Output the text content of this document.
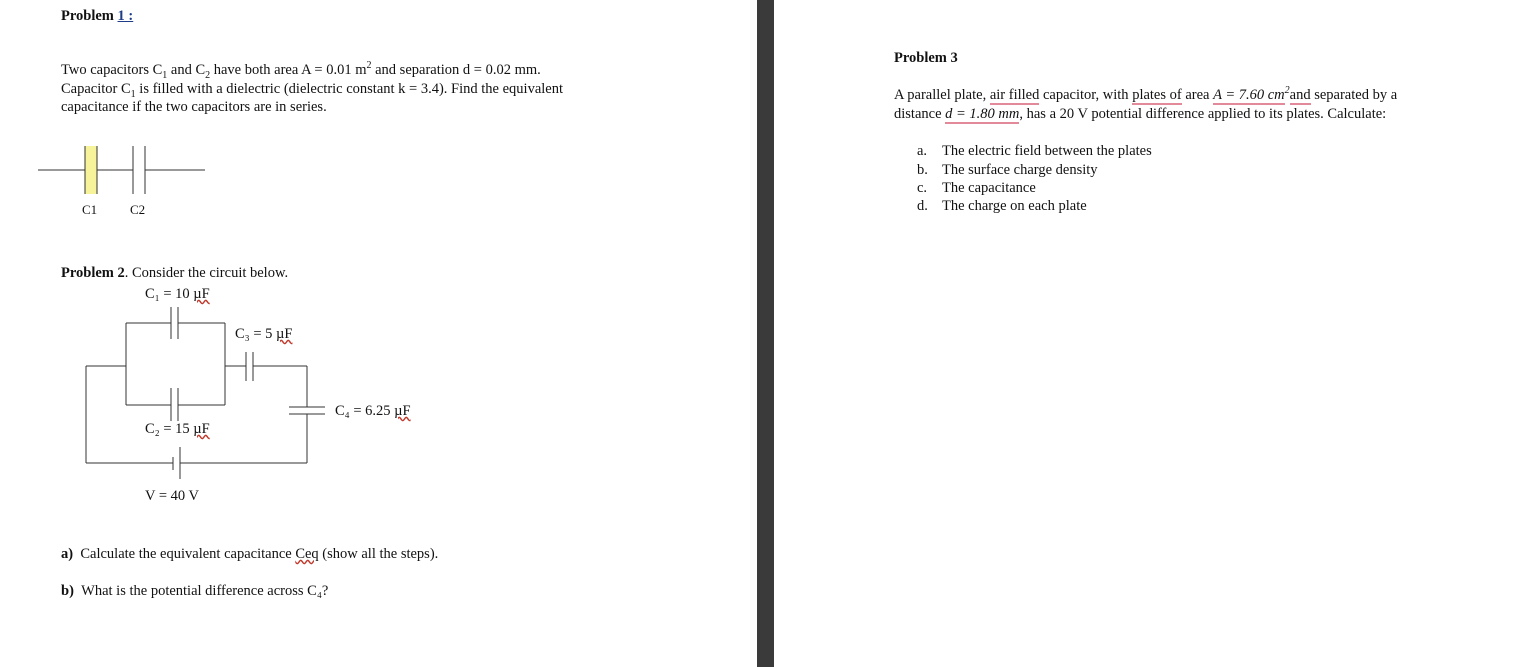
Problem 1 :
Two capacitors $C_1$ and $C_2$ have both area A = 0.01 $m^2$ and separation d = 0.02 mm.
Capacitor $C_1$ is filled with a dielectric (dielectric constant k = 3.4). Find the equivalent
capacitance if the two capacitors are in series.
C1	C2
Problem 2. Consider the circuit below.
C₁ = 10 µF
C₃ = 5 µF
C₄ = 6.25 µF
C₂ = 15 µF
V = 40 V
a) Calculate the equivalent capacitance Ceq (show all the steps).
b) What is the potential difference across C₄?
Problem 3
A parallel plate, air filled capacitor, with plates of area A = 7.60 $cm^2and$ separated by a
distance d = 1.80 mm, has a 20 V potential difference applied to its plates. Calculate:
a. The electric field between the plates
b. The surface charge density
c. The capacitance
d. The charge on each plate
